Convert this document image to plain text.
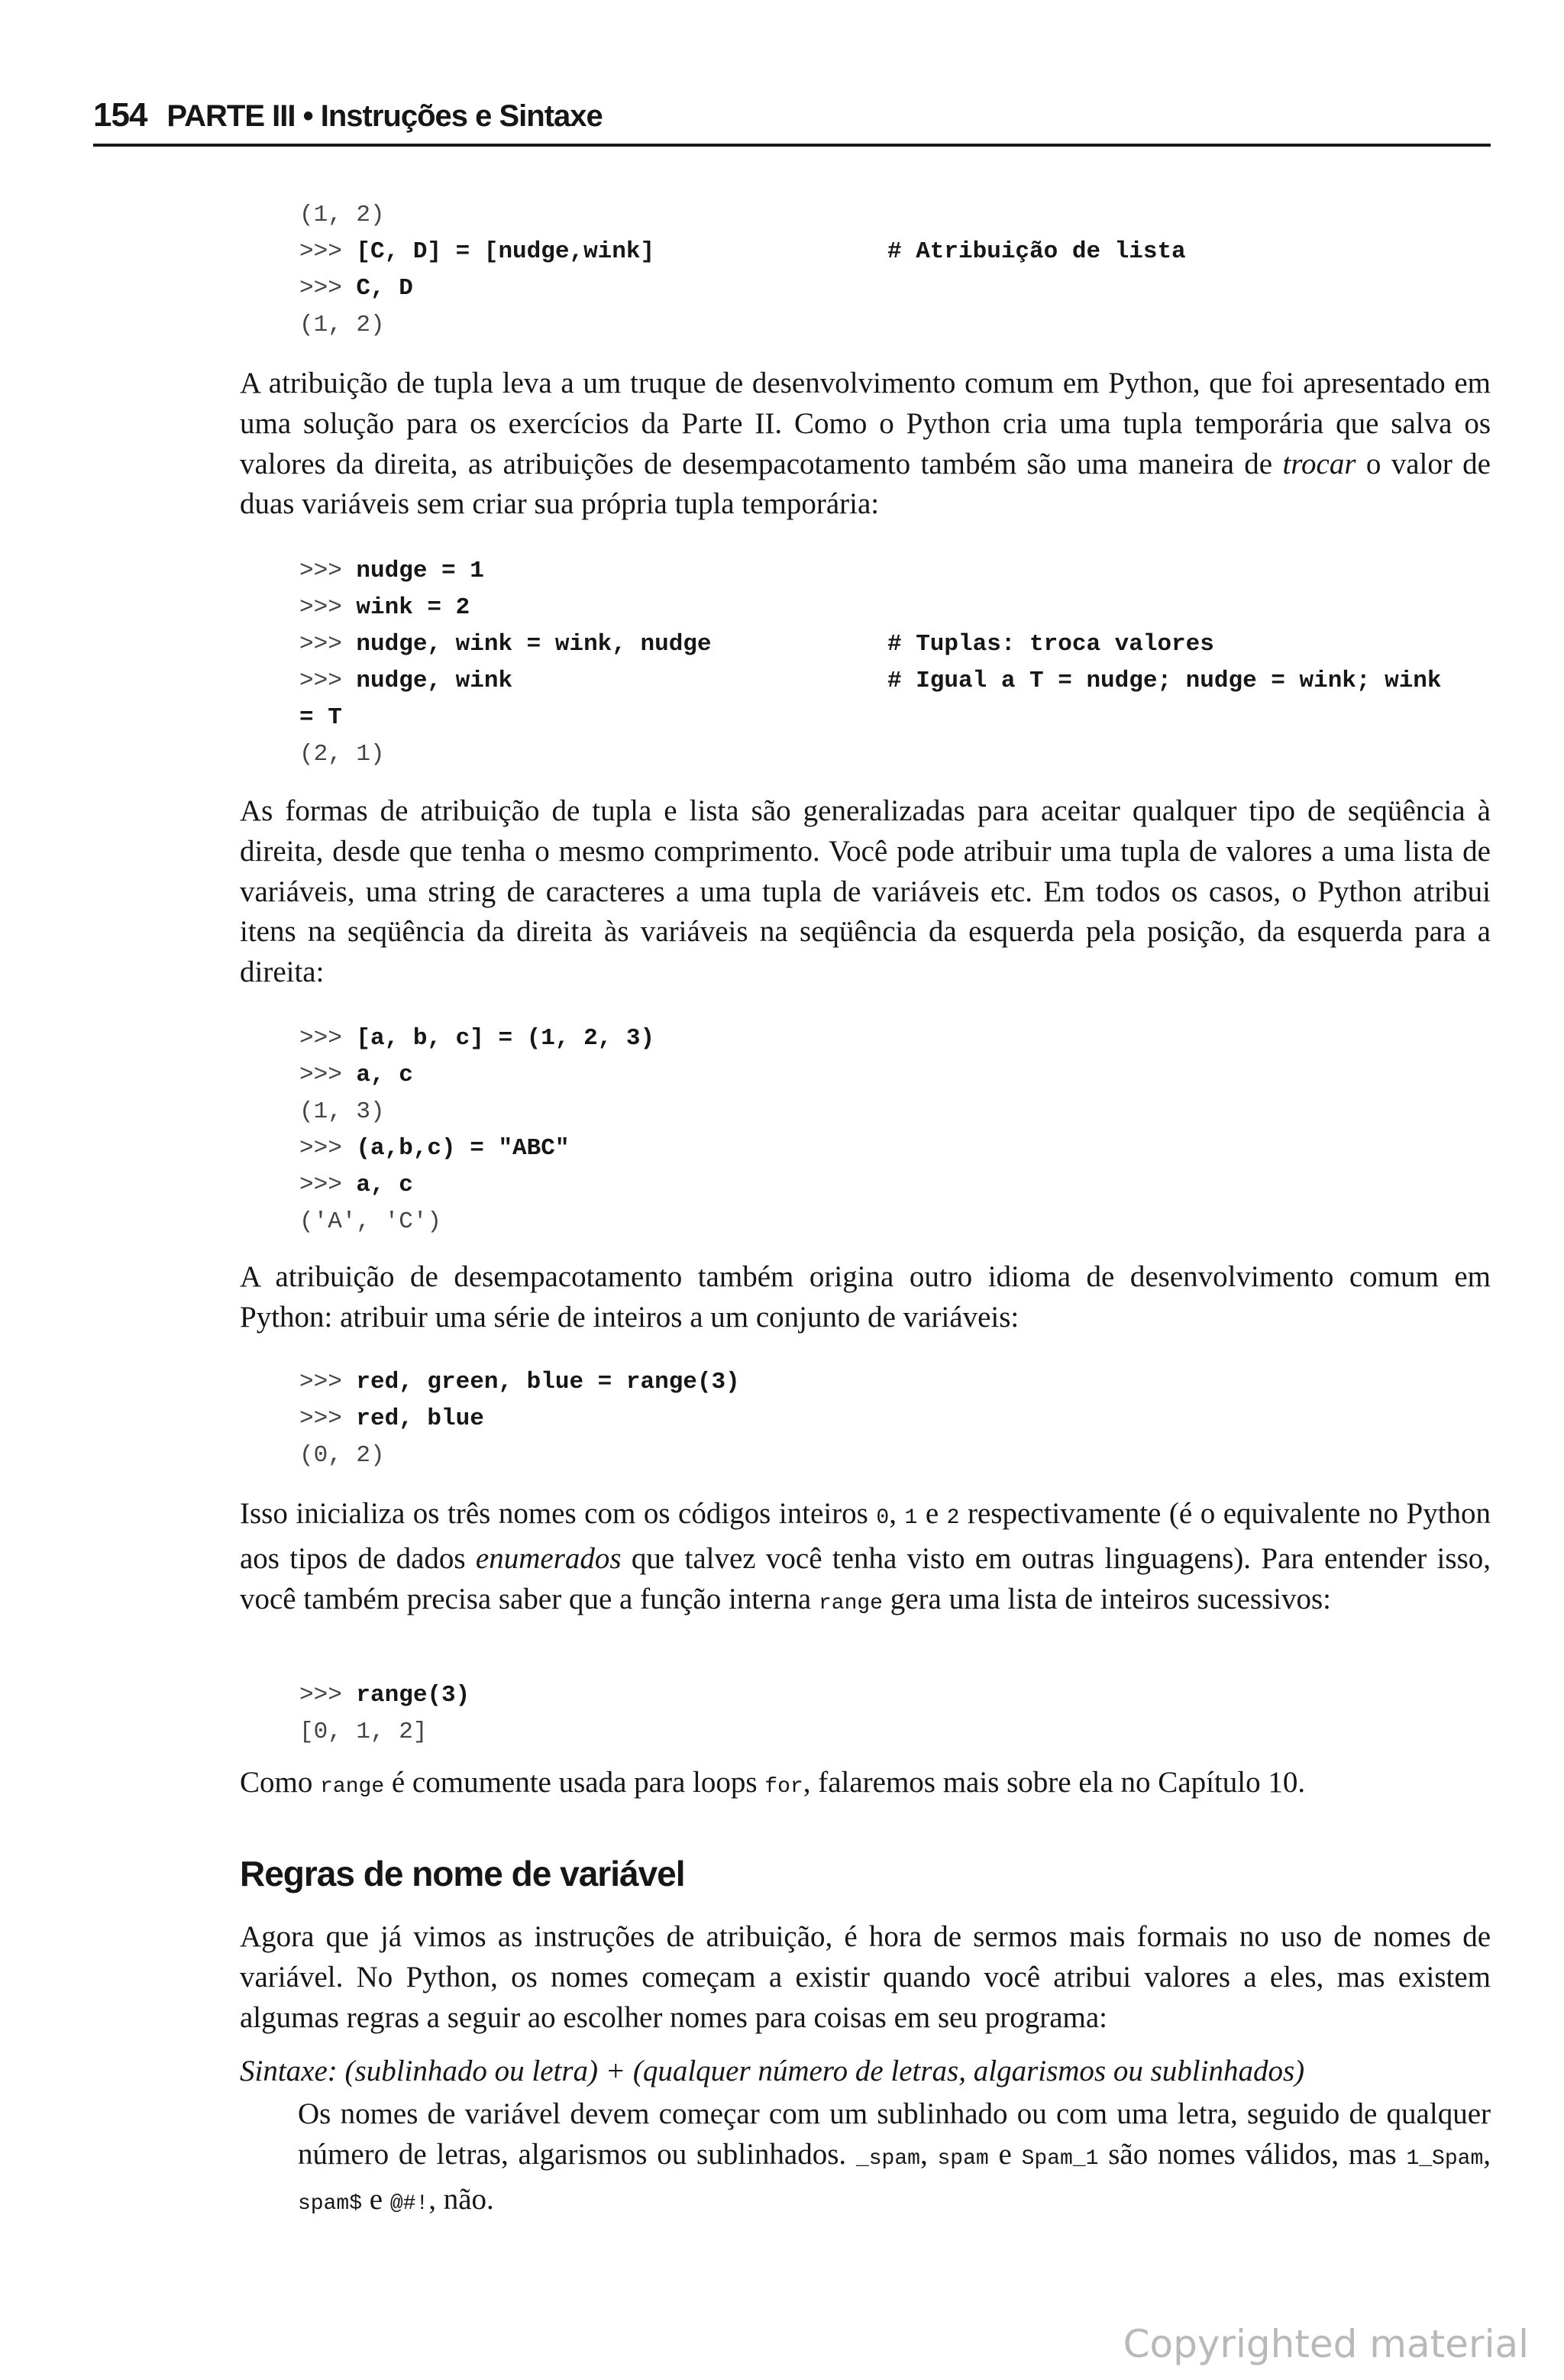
154 PARTE III • Instruções e Sintaxe
(1, 2)
>>> [C, D] = [nudge,wink]	# Atribuição de lista
>>> C, D
(1, 2)
A atribuição de tupla leva a um truque de desenvolvimento comum em Python, que foi apresentado em uma solução para os exercícios da Parte II. Como o Python cria uma tupla temporária que salva os valores da direita, as atribuições de desempacotamento também são uma maneira de trocar o valor de duas variáveis sem criar sua própria tupla temporária:
>>> nudge = 1
>>> wink = 2
>>> nudge, wink = wink, nudge	# Tuplas: troca valores
>>> nudge, wink	# Igual a T = nudge; nudge = wink; wink
= T
(2, 1)
As formas de atribuição de tupla e lista são generalizadas para aceitar qualquer tipo de seqüência à direita, desde que tenha o mesmo comprimento. Você pode atribuir uma tupla de valores a uma lista de variáveis, uma string de caracteres a uma tupla de variáveis etc. Em todos os casos, o Python atribui itens na seqüência da direita às variáveis na seqüência da esquerda pela posição, da esquerda para a direita:
>>> [a, b, c] = (1, 2, 3)
>>> a, c
(1, 3)
>>> (a,b,c) = "ABC"
>>> a, c
('A', 'C')
A atribuição de desempacotamento também origina outro idioma de desenvolvimento comum em Python: atribuir uma série de inteiros a um conjunto de variáveis:
>>> red, green, blue = range(3)
>>> red, blue
(0, 2)
Isso inicializa os três nomes com os códigos inteiros 0, 1 e 2 respectivamente (é o equivalente no Python aos tipos de dados enumerados que talvez você tenha visto em outras linguagens). Para entender isso, você também precisa saber que a função interna range gera uma lista de inteiros sucessivos:
>>> range(3)
[0, 1, 2]
Como range é comumente usada para loops for, falaremos mais sobre ela no Capítulo 10.
Regras de nome de variável
Agora que já vimos as instruções de atribuição, é hora de sermos mais formais no uso de nomes de variável. No Python, os nomes começam a existir quando você atribui valores a eles, mas existem algumas regras a seguir ao escolher nomes para coisas em seu programa:
Sintaxe: (sublinhado ou letra) + (qualquer número de letras, algarismos ou sublinhados)
Os nomes de variável devem começar com um sublinhado ou com uma letra, seguido de qualquer número de letras, algarismos ou sublinhados. _spam, spam e Spam_1 são nomes válidos, mas 1_Spam, spam$ e @#!, não.
Copyrighted material
